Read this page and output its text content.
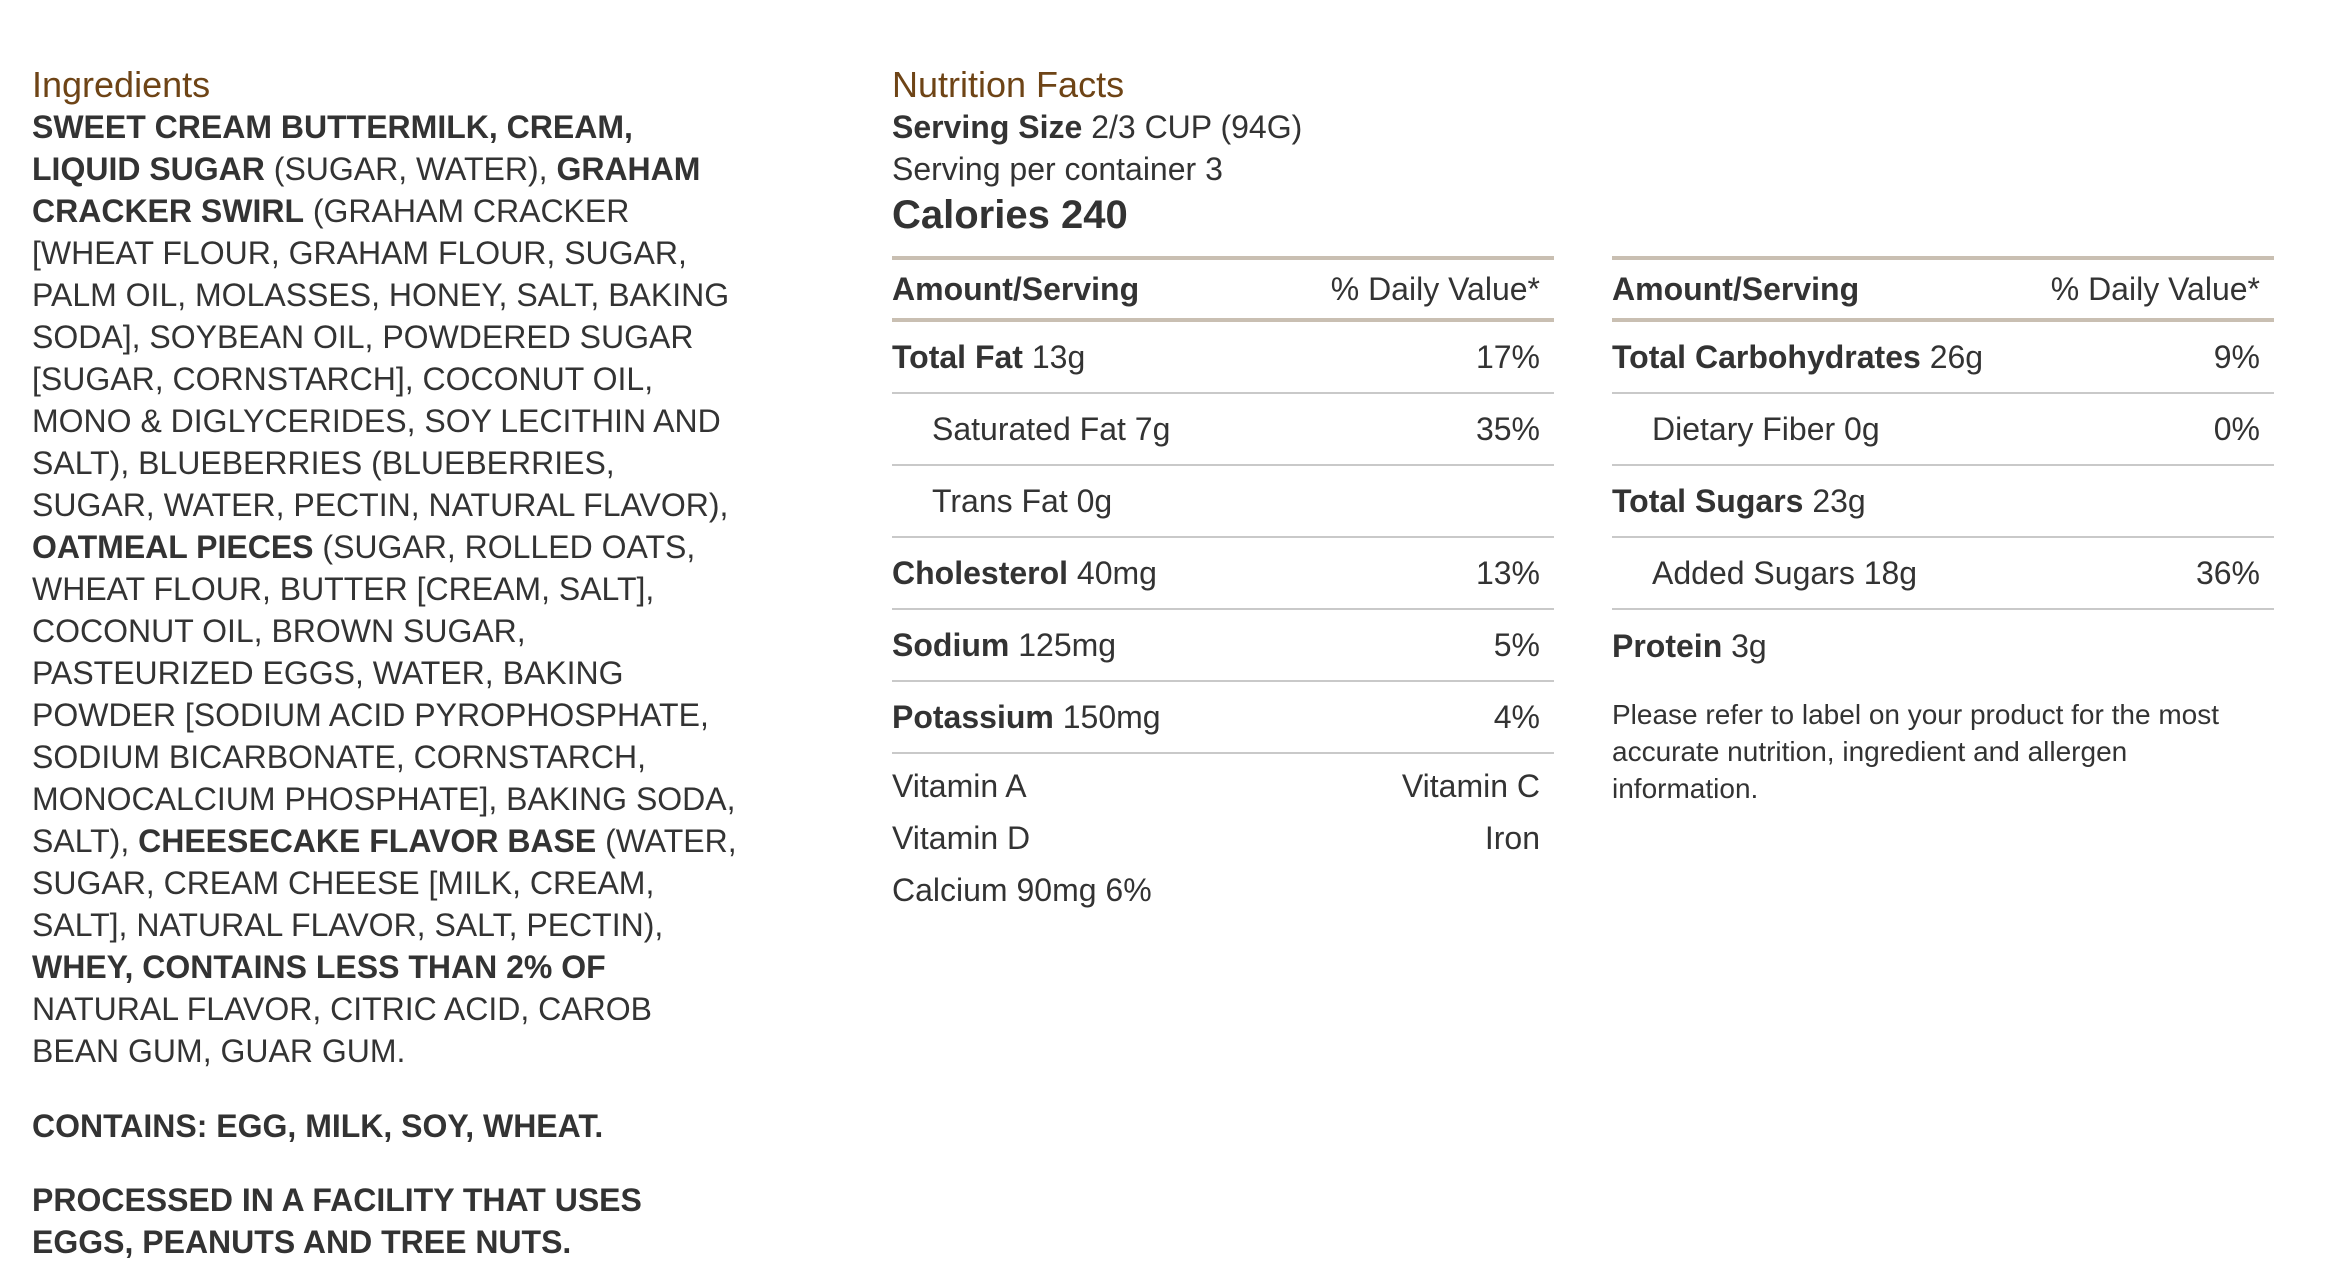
Ingredients

SWEET CREAM BUTTERMILK, CREAM, LIQUID SUGAR (SUGAR, WATER), GRAHAM CRACKER SWIRL (GRAHAM CRACKER [WHEAT FLOUR, GRAHAM FLOUR, SUGAR, PALM OIL, MOLASSES, HONEY, SALT, BAKING SODA], SOYBEAN OIL, POWDERED SUGAR [SUGAR, CORNSTARCH], COCONUT OIL, MONO & DIGLYCERIDES, SOY LECITHIN AND SALT), BLUEBERRIES (BLUEBERRIES, SUGAR, WATER, PECTIN, NATURAL FLAVOR), OATMEAL PIECES (SUGAR, ROLLED OATS, WHEAT FLOUR, BUTTER [CREAM, SALT], COCONUT OIL, BROWN SUGAR, PASTEURIZED EGGS, WATER, BAKING POWDER [SODIUM ACID PYROPHOSPHATE, SODIUM BICARBONATE, CORNSTARCH, MONOCALCIUM PHOSPHATE], BAKING SODA, SALT), CHEESECAKE FLAVOR BASE (WATER, SUGAR, CREAM CHEESE [MILK, CREAM, SALT], NATURAL FLAVOR, SALT, PECTIN), WHEY, CONTAINS LESS THAN 2% OF NATURAL FLAVOR, CITRIC ACID, CAROB BEAN GUM, GUAR GUM.

CONTAINS: EGG, MILK, SOY, WHEAT.

PROCESSED IN A FACILITY THAT USES EGGS, PEANUTS AND TREE NUTS.

Nutrition Facts

Serving Size 2/3 CUP (94G)

Serving per container 3

Calories 240

Amount/Serving	% Daily Value*
Total Fat 13g	17%
Saturated Fat 7g	35%
Trans Fat 0g
Cholesterol 40mg	13%
Sodium 125mg	5%
Potassium 150mg	4%
Vitamin A	Vitamin C
Vitamin D	Iron
Calcium 90mg 6%
Amount/Serving	% Daily Value*
Total Carbohydrates 26g	9%
Dietary Fiber 0g	0%
Total Sugars 23g
Added Sugars 18g	36%
Protein 3g

Please refer to label on your product for the most accurate nutrition, ingredient and allergen information.
